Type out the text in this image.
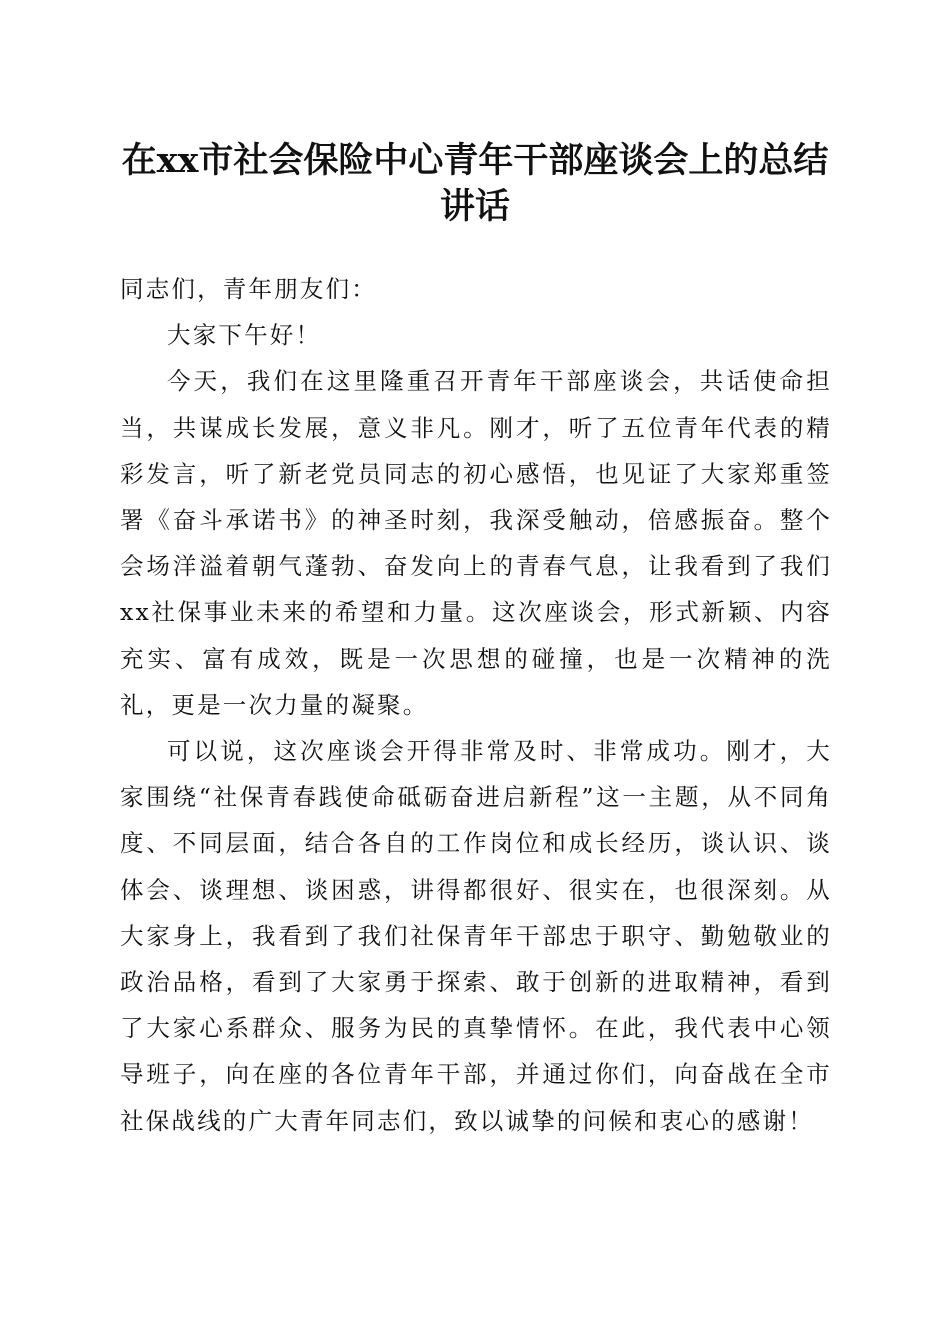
在xx市社会保险中心青年干部座谈会上的总结讲话

同志们，青年朋友们：

大家下午好！

今天，我们在这里隆重召开青年干部座谈会，共话使命担当，共谋成长发展，意义非凡。刚才，听了五位青年代表的精彩发言，听了新老党员同志的初心感悟，也见证了大家郑重签署《奋斗承诺书》的神圣时刻，我深受触动，倍感振奋。整个会场洋溢着朝气蓬勃、奋发向上的青春气息，让我看到了我们xx社保事业未来的希望和力量。这次座谈会，形式新颖、内容充实、富有成效，既是一次思想的碰撞，也是一次精神的洗礼，更是一次力量的凝聚。

可以说，这次座谈会开得非常及时、非常成功。刚才，大家围绕“社保青春践使命砥砺奋进启新程”这一主题，从不同角度、不同层面，结合各自的工作岗位和成长经历，谈认识、谈体会、谈理想、谈困惑，讲得都很好、很实在，也很深刻。从大家身上，我看到了我们社保青年干部忠于职守、勤勉敬业的政治品格，看到了大家勇于探索、敢于创新的进取精神，看到了大家心系群众、服务为民的真挚情怀。在此，我代表中心领导班子，向在座的各位青年干部，并通过你们，向奋战在全市社保战线的广大青年同志们，致以诚挚的问候和衷心的感谢！
